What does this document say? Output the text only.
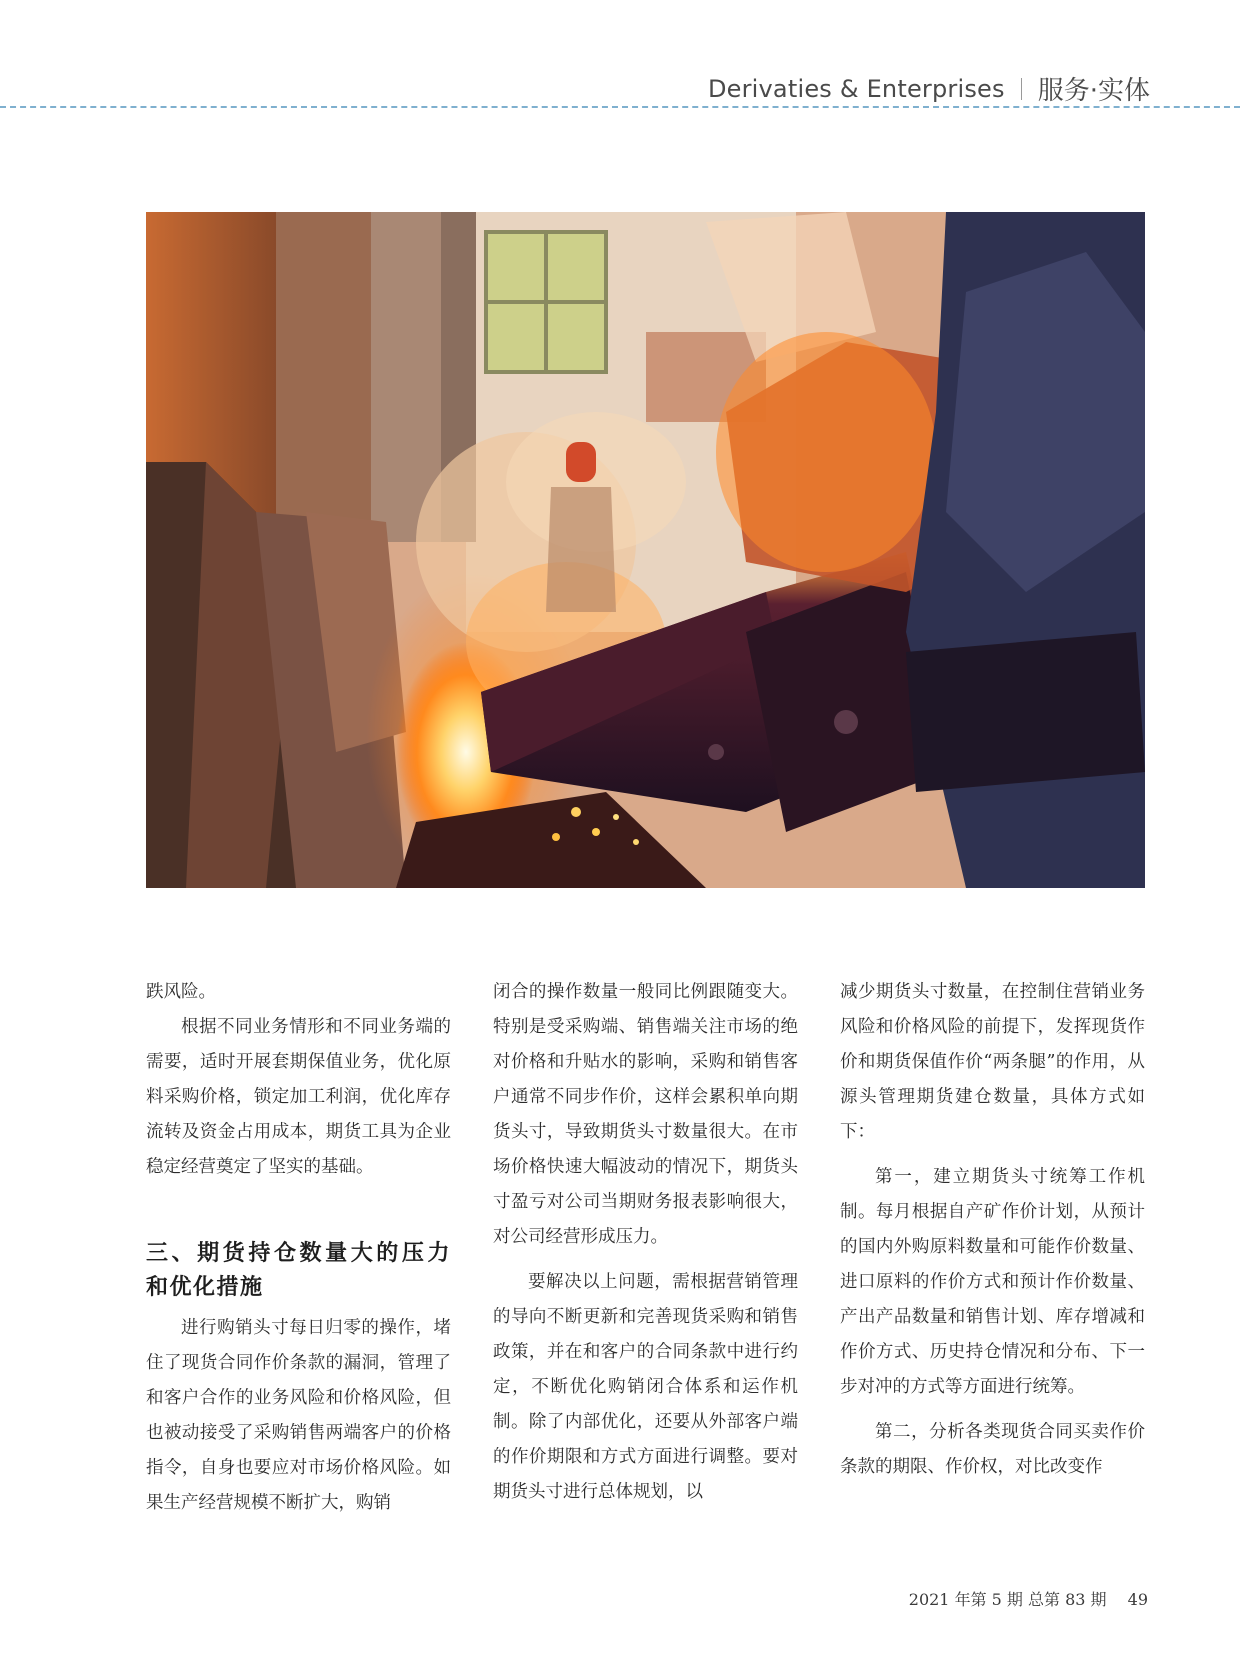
Derivaties & Enterprises 服务·实体

跌风险。

根据不同业务情形和不同业务端的需要，适时开展套期保值业务，优化原料采购价格，锁定加工利润，优化库存流转及资金占用成本，期货工具为企业稳定经营奠定了坚实的基础。

三、期货持仓数量大的压力和优化措施

进行购销头寸每日归零的操作，堵住了现货合同作价条款的漏洞，管理了和客户合作的业务风险和价格风险，但也被动接受了采购销售两端客户的价格指令，自身也要应对市场价格风险。如果生产经营规模不断扩大，购销

闭合的操作数量一般同比例跟随变大。特别是受采购端、销售端关注市场的绝对价格和升贴水的影响，采购和销售客户通常不同步作价，这样会累积单向期货头寸，导致期货头寸数量很大。在市场价格快速大幅波动的情况下，期货头寸盈亏对公司当期财务报表影响很大，对公司经营形成压力。

要解决以上问题，需根据营销管理的导向不断更新和完善现货采购和销售政策，并在和客户的合同条款中进行约定，不断优化购销闭合体系和运作机制。除了内部优化，还要从外部客户端的作价期限和方式方面进行调整。要对期货头寸进行总体规划，以

减少期货头寸数量，在控制住营销业务风险和价格风险的前提下，发挥现货作价和期货保值作价“两条腿”的作用，从源头管理期货建仓数量，具体方式如下：

第一，建立期货头寸统筹工作机制。每月根据自产矿作价计划，从预计的国内外购原料数量和可能作价数量、进口原料的作价方式和预计作价数量、产出产品数量和销售计划、库存增减和作价方式、历史持仓情况和分布、下一步对冲的方式等方面进行统筹。

第二，分析各类现货合同买卖作价条款的期限、作价权，对比改变作

2021 年第 5 期 总第 83 期 49
